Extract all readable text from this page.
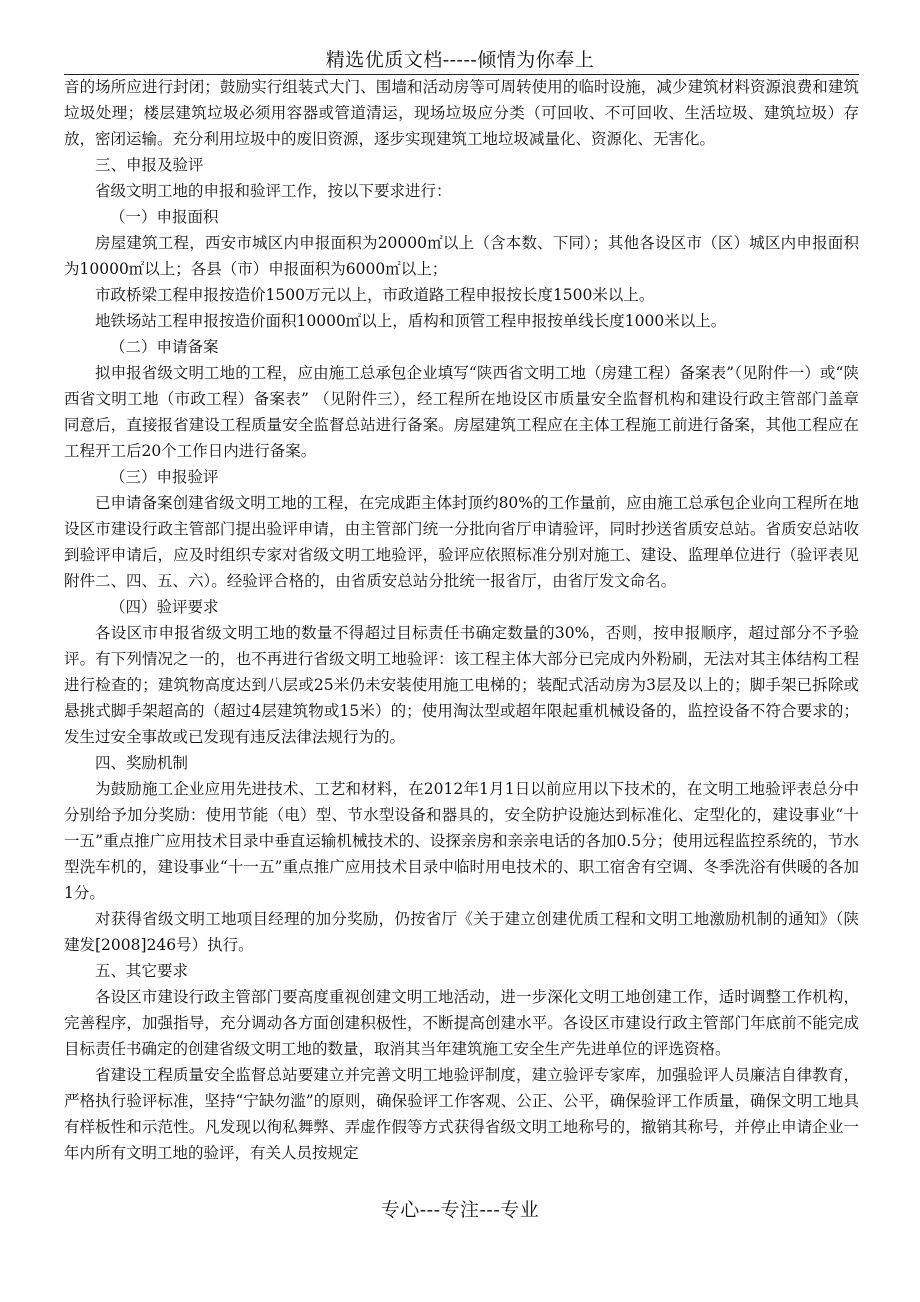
精选优质文档-----倾情为你奉上

音的场所应进行封闭；鼓励实行组装式大门、围墙和活动房等可周转使用的临时设施，减少建筑材料资源浪费和建筑垃圾处理；楼层建筑垃圾必须用容器或管道清运，现场垃圾应分类（可回收、不可回收、生活垃圾、建筑垃圾）存放，密闭运输。充分利用垃圾中的废旧资源，逐步实现建筑工地垃圾减量化、资源化、无害化。

三、申报及验评

省级文明工地的申报和验评工作，按以下要求进行：

（一）申报面积

房屋建筑工程，西安市城区内申报面积为20000㎡以上（含本数、下同）；其他各设区市（区）城区内申报面积为10000㎡以上；各县（市）申报面积为6000㎡以上；

市政桥梁工程申报按造价1500万元以上，市政道路工程申报按长度1500米以上。

地铁场站工程申报按造价面积10000㎡以上，盾构和顶管工程申报按单线长度1000米以上。

（二）申请备案

拟申报省级文明工地的工程，应由施工总承包企业填写“陕西省文明工地（房建工程）备案表”（见附件一）或“陕西省文明工地（市政工程）备案表” （见附件三），经工程所在地设区市质量安全监督机构和建设行政主管部门盖章同意后，直接报省建设工程质量安全监督总站进行备案。房屋建筑工程应在主体工程施工前进行备案，其他工程应在工程开工后20个工作日内进行备案。

（三）申报验评

已申请备案创建省级文明工地的工程，在完成距主体封顶约80%的工作量前，应由施工总承包企业向工程所在地设区市建设行政主管部门提出验评申请，由主管部门统一分批向省厅申请验评，同时抄送省质安总站。省质安总站收到验评申请后，应及时组织专家对省级文明工地验评，验评应依照标准分别对施工、建设、监理单位进行（验评表见附件二、四、五、六）。经验评合格的，由省质安总站分批统一报省厅，由省厅发文命名。

（四）验评要求

各设区市申报省级文明工地的数量不得超过目标责任书确定数量的30%，否则，按申报顺序，超过部分不予验评。有下列情况之一的，也不再进行省级文明工地验评：该工程主体大部分已完成内外粉刷，无法对其主体结构工程进行检查的；建筑物高度达到八层或25米仍未安装使用施工电梯的；装配式活动房为3层及以上的；脚手架已拆除或悬挑式脚手架超高的（超过4层建筑物或15米）的；使用淘汰型或超年限起重机械设备的，监控设备不符合要求的；发生过安全事故或已发现有违反法律法规行为的。

四、奖励机制

为鼓励施工企业应用先进技术、工艺和材料，在2012年1月1日以前应用以下技术的，在文明工地验评表总分中分别给予加分奖励：使用节能（电）型、节水型设备和器具的，安全防护设施达到标准化、定型化的，建设事业“十一五”重点推广应用技术目录中垂直运输机械技术的、设探亲房和亲亲电话的各加0.5分；使用远程监控系统的，节水型洗车机的，建设事业“十一五”重点推广应用技术目录中临时用电技术的、职工宿舍有空调、冬季洗浴有供暖的各加1分。

对获得省级文明工地项目经理的加分奖励，仍按省厅《关于建立创建优质工程和文明工地激励机制的通知》（陕建发[2008]246号）执行。

五、其它要求

各设区市建设行政主管部门要高度重视创建文明工地活动，进一步深化文明工地创建工作，适时调整工作机构，完善程序，加强指导，充分调动各方面创建积极性，不断提高创建水平。各设区市建设行政主管部门年底前不能完成目标责任书确定的创建省级文明工地的数量，取消其当年建筑施工安全生产先进单位的评选资格。

省建设工程质量安全监督总站要建立并完善文明工地验评制度，建立验评专家库，加强验评人员廉洁自律教育，严格执行验评标准，坚持“宁缺勿滥”的原则，确保验评工作客观、公正、公平，确保验评工作质量，确保文明工地具有样板性和示范性。凡发现以徇私舞弊、弄虚作假等方式获得省级文明工地称号的，撤销其称号，并停止申请企业一年内所有文明工地的验评，有关人员按规定

专心---专注---专业
